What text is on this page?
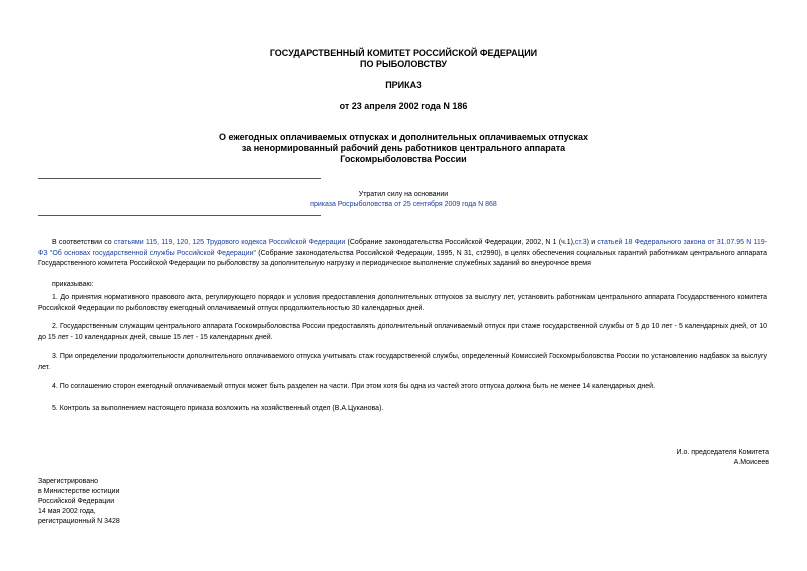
ГОСУДАРСТВЕННЫЙ КОМИТЕТ РОССИЙСКОЙ ФЕДЕРАЦИИ
ПО РЫБОЛОВСТВУ
ПРИКАЗ
от 23 апреля 2002 года N 186
О ежегодных оплачиваемых отпусках и дополнительных оплачиваемых отпусках
за ненормированный рабочий день работников центрального аппарата
Госкомрыболовства России
Утратил силу на основании
приказа Росрыболовства от 25 сентября 2009 года N 868
В соответствии со статьями 115, 119, 120, 125 Трудового кодекса Российской Федерации (Собрание законодательства Российской Федерации, 2002, N 1 (ч.1),ст.3) и статьей 18 Федерального закона от 31.07.95 N 119-ФЗ "Об основах государственной службы Российской Федерации" (Собрание законодательства Российской Федерации, 1995, N 31, ст2990), в целях обеспечения социальных гарантий работникам центрального аппарата Государственного комитета Российской Федерации по рыболовству за дополнительную нагрузку и периодическое выполнение служебных заданий во внеурочное время
приказываю:
1. До принятия нормативного правового акта, регулирующего порядок и условия предоставления дополнительных отпусков за выслугу лет, установить работникам центрального аппарата Государственного комитета Российской Федерации по рыболовству ежегодный оплачиваемый отпуск продолжительностью 30 календарных дней.
2. Государственным служащим центрального аппарата Госкомрыболовства России предоставлять дополнительный оплачиваемый отпуск при стаже государственной службы от 5 до 10 лет - 5 календарных дней, от 10 до 15 лет - 10 календарных дней, свыше 15 лет - 15 календарных дней.
3. При определении продолжительности дополнительного оплачиваемого отпуска учитывать стаж государственной службы, определенный Комиссией Госкомрыболовства России по установлению надбавок за выслугу лет.
4. По соглашению сторон ежегодный оплачиваемый отпуск может быть разделен на части. При этом хотя бы одна из частей этого отпуска должна быть не менее 14 календарных дней.
5. Контроль за выполнением настоящего приказа возложить на хозяйственный отдел (В.А.Цуканова).
И.о. председателя Комитета
А.Моисеев
Зарегистрировано
в Министерстве юстиции
Российской Федерации
14 мая 2002 года,
регистрационный N 3428
